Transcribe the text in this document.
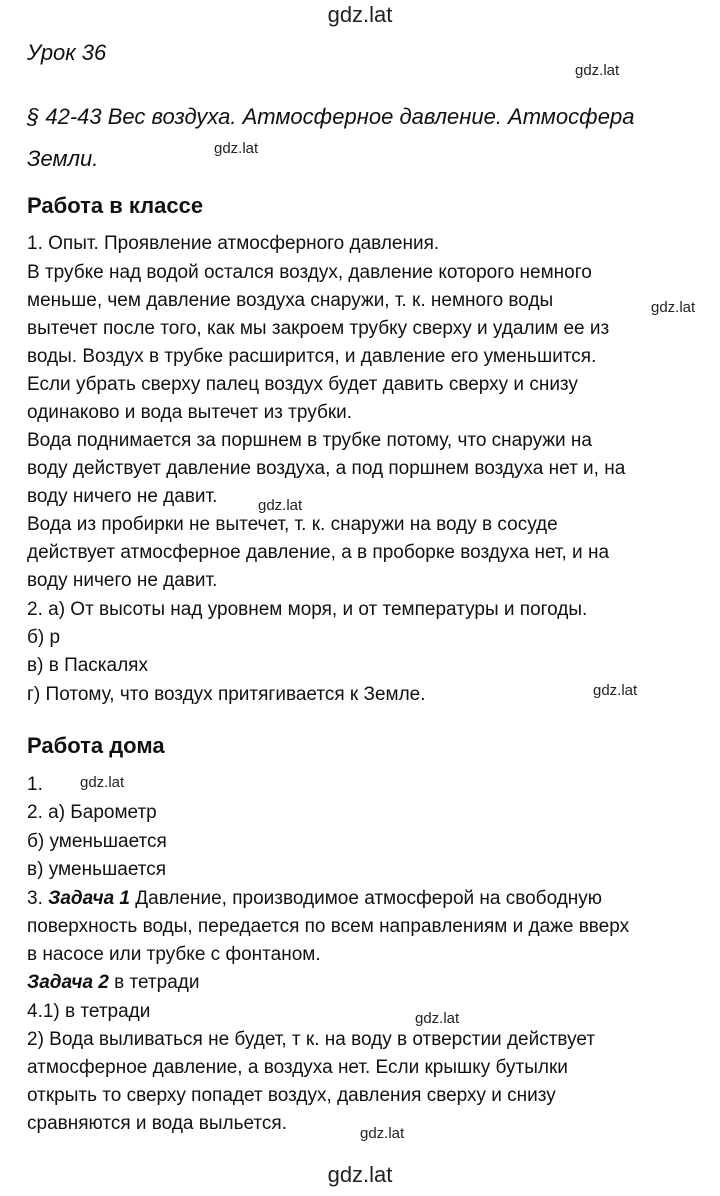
gdz.lat
gdz.lat
gdz.lat
gdz.lat
gdz.lat
gdz.lat
gdz.lat
gdz.lat
gdz.lat
gdz.lat
Урок 36
§ 42-43 Вес воздуха. Атмосферное давление. Атмосфера Земли.
Работа в классе
1. Опыт. Проявление атмосферного давления.
В трубке над водой остался воздух, давление которого немного
меньше, чем давление воздуха снаружи, т. к. немного воды
вытечет после того, как мы закроем трубку сверху и удалим ее из
воды. Воздух в трубке расширится, и давление его уменьшится.
Если убрать сверху палец воздух будет давить сверху и снизу
одинаково и вода вытечет из трубки.
Вода поднимается за поршнем в трубке потому, что снаружи на
воду действует давление воздуха, а под поршнем воздуха нет и, на
воду ничего не давит.
Вода из пробирки не вытечет, т. к. снаружи на воду в сосуде
действует атмосферное давление, а в проборке воздуха нет, и на
воду ничего не давит.
2. а) От высоты над уровнем моря, и от температуры и погоды.
б) р
в) в Паскалях
г) Потому, что воздух притягивается к Земле.
Работа дома
1.
2. а) Барометр
б) уменьшается
в) уменьшается
3. Задача 1 Давление, производимое атмосферой на свободную
поверхность воды, передается по всем направлениям и даже вверх
в насосе или трубке с фонтаном.
Задача 2 в тетради
4.1) в тетради
2) Вода выливаться не будет, т к. на воду в отверстии действует
атмосферное давление, а воздуха нет. Если крышку бутылки
открыть то сверху попадет воздух, давления сверху и снизу
сравняются и вода выльется.
